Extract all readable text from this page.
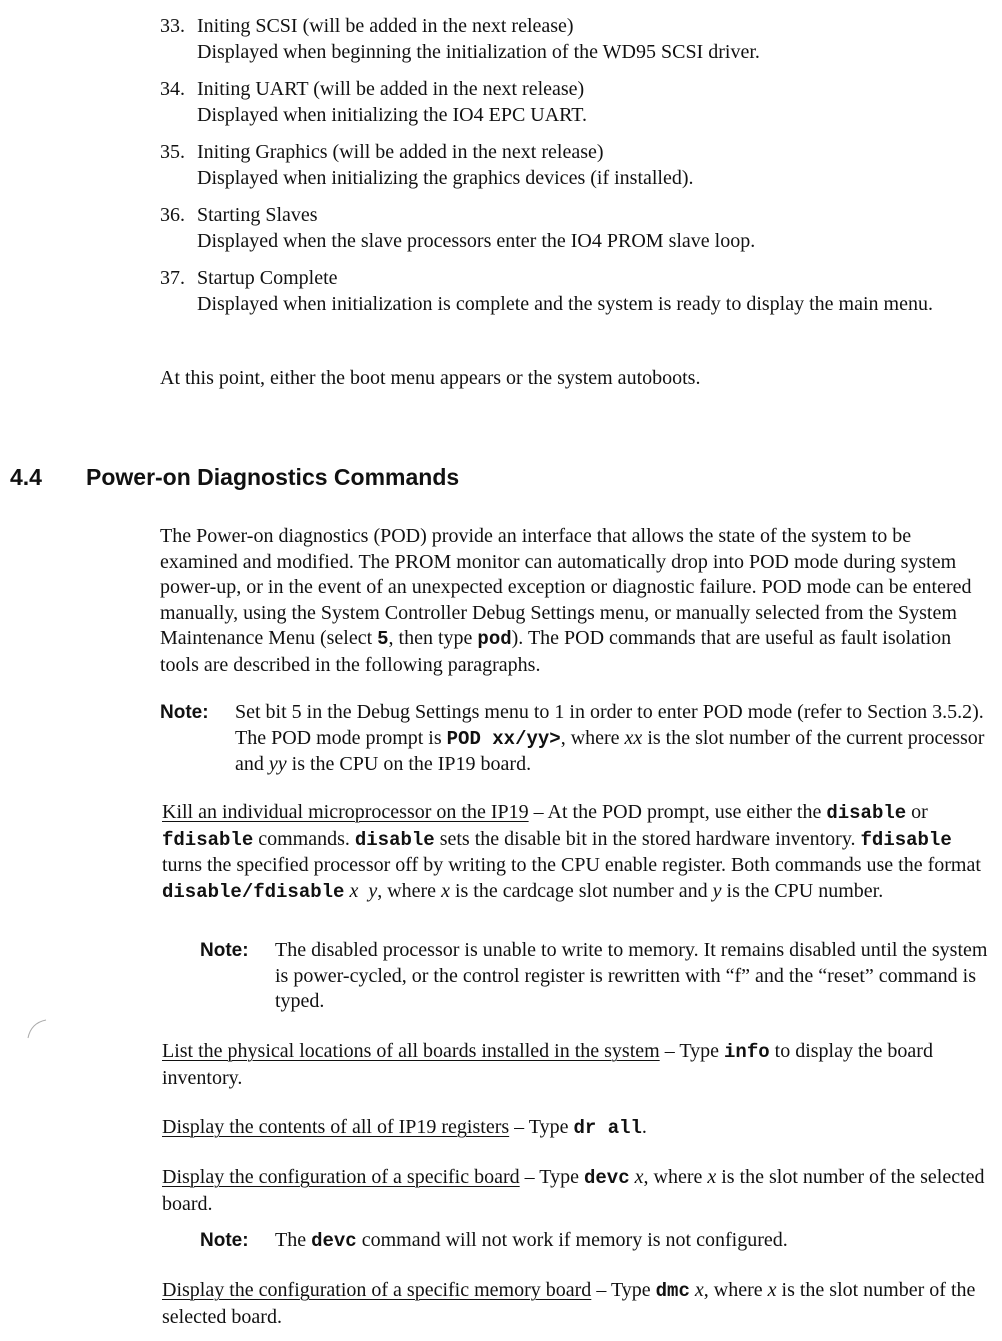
33. Initing SCSI (will be added in the next release)
Displayed when beginning the initialization of the WD95 SCSI driver.
34. Initing UART (will be added in the next release)
Displayed when initializing the IO4 EPC UART.
35. Initing Graphics (will be added in the next release)
Displayed when initializing the graphics devices (if installed).
36. Starting Slaves
Displayed when the slave processors enter the IO4 PROM slave loop.
37. Startup Complete
Displayed when initialization is complete and the system is ready to display the main menu.
At this point, either the boot menu appears or the system autoboots.
4.4 Power-on Diagnostics Commands
The Power-on diagnostics (POD) provide an interface that allows the state of the system to be examined and modified. The PROM monitor can automatically drop into POD mode during system power-up, or in the event of an unexpected exception or diagnostic failure. POD mode can be entered manually, using the System Controller Debug Settings menu, or manually selected from the System Maintenance Menu (select 5, then type pod). The POD commands that are useful as fault isolation tools are described in the following paragraphs.
Note:	Set bit 5 in the Debug Settings menu to 1 in order to enter POD mode (refer to Section 3.5.2). The POD mode prompt is POD xx/yy>, where xx is the slot number of the current processor and yy is the CPU on the IP19 board.
Kill an individual microprocessor on the IP19 – At the POD prompt, use either the disable or fdisable commands. disable sets the disable bit in the stored hardware inventory. fdisable turns the specified processor off by writing to the CPU enable register. Both commands use the format disable/fdisable x  y, where x is the cardcage slot number and y is the CPU number.
Note:	The disabled processor is unable to write to memory. It remains disabled until the system is power-cycled, or the control register is rewritten with “f” and the “reset” command is typed.
List the physical locations of all boards installed in the system – Type info to display the board inventory.
Display the contents of all of IP19 registers – Type dr all.
Display the configuration of a specific board – Type devc x, where x is the slot number of the selected board.
Note:	The devc command will not work if memory is not configured.
Display the configuration of a specific memory board – Type dmc x, where x is the slot number of the selected board.
